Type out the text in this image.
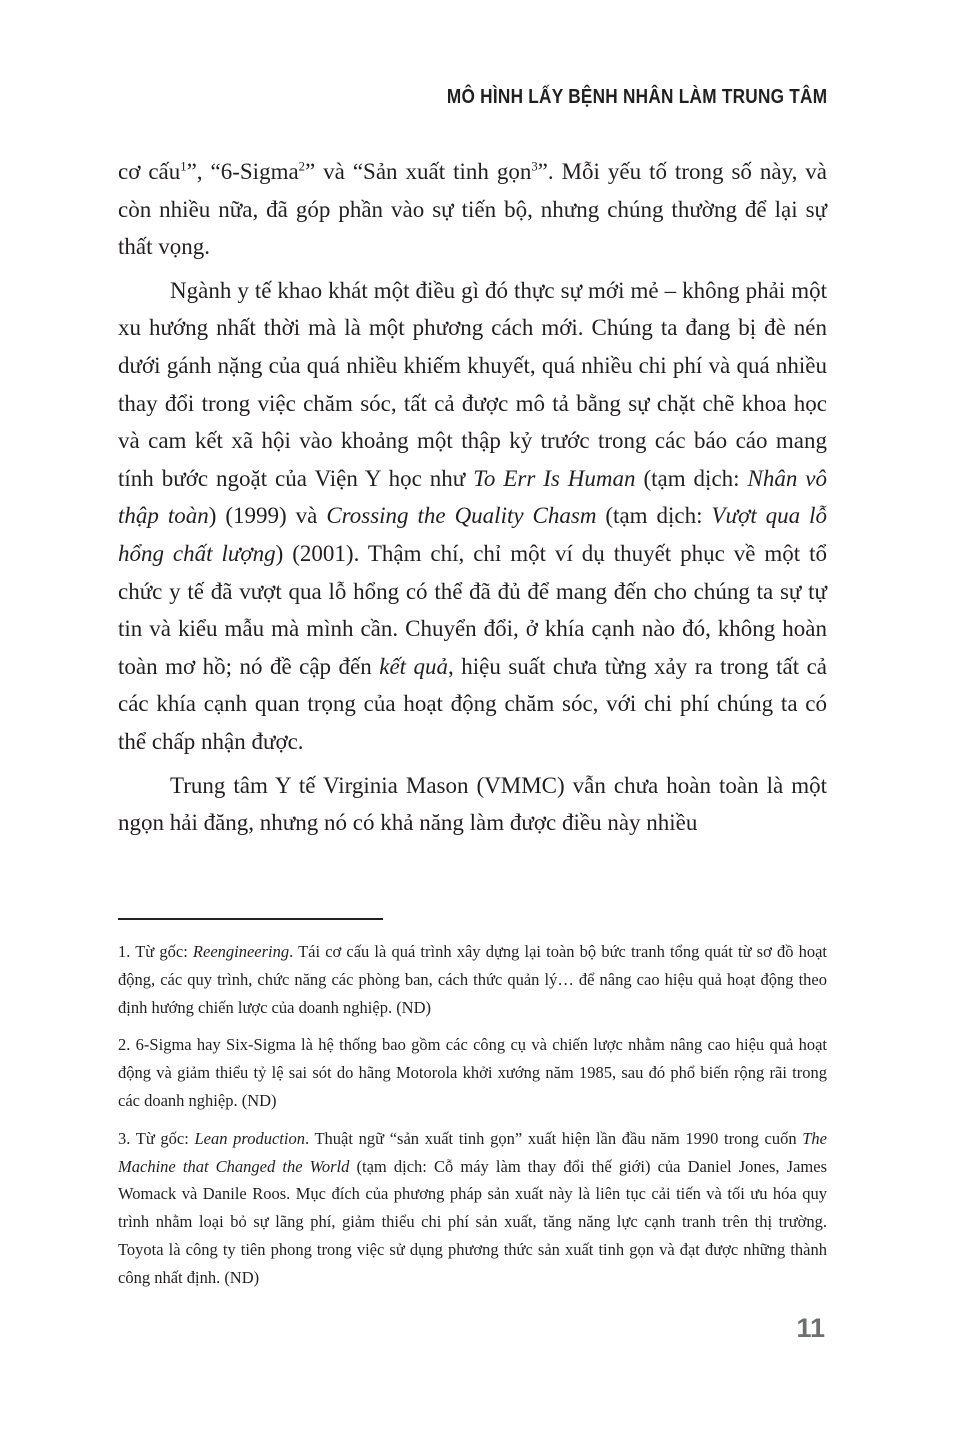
MÔ HÌNH LẤY BỆNH NHÂN LÀM TRUNG TÂM

cơ cấu$^1$”, “6-Sigma$^2$” và “Sản xuất tinh gọn$^3$”. Mỗi yếu tố trong số này, và còn nhiều nữa, đã góp phần vào sự tiến bộ, nhưng chúng thường để lại sự thất vọng.

Ngành y tế khao khát một điều gì đó thực sự mới mẻ – không phải một xu hướng nhất thời mà là một phương cách mới. Chúng ta đang bị đè nén dưới gánh nặng của quá nhiều khiếm khuyết, quá nhiều chi phí và quá nhiều thay đổi trong việc chăm sóc, tất cả được mô tả bằng sự chặt chẽ khoa học và cam kết xã hội vào khoảng một thập kỷ trước trong các báo cáo mang tính bước ngoặt của Viện Y học như To Err Is Human (tạm dịch: Nhân vô thập toàn) (1999) và Crossing the Quality Chasm (tạm dịch: Vượt qua lỗ hổng chất lượng) (2001). Thậm chí, chỉ một ví dụ thuyết phục về một tổ chức y tế đã vượt qua lỗ hổng có thể đã đủ để mang đến cho chúng ta sự tự tin và kiểu mẫu mà mình cần. Chuyển đổi, ở khía cạnh nào đó, không hoàn toàn mơ hồ; nó đề cập đến kết quả, hiệu suất chưa từng xảy ra trong tất cả các khía cạnh quan trọng của hoạt động chăm sóc, với chi phí chúng ta có thể chấp nhận được.

Trung tâm Y tế Virginia Mason (VMMC) vẫn chưa hoàn toàn là một ngọn hải đăng, nhưng nó có khả năng làm được điều này nhiều

1. Từ gốc: Reengineering. Tái cơ cấu là quá trình xây dựng lại toàn bộ bức tranh tổng quát từ sơ đồ hoạt động, các quy trình, chức năng các phòng ban, cách thức quản lý… để nâng cao hiệu quả hoạt động theo định hướng chiến lược của doanh nghiệp. (ND)

2. 6-Sigma hay Six-Sigma là hệ thống bao gồm các công cụ và chiến lược nhằm nâng cao hiệu quả hoạt động và giảm thiểu tỷ lệ sai sót do hãng Motorola khởi xướng năm 1985, sau đó phổ biến rộng rãi trong các doanh nghiệp. (ND)

3. Từ gốc: Lean production. Thuật ngữ “sản xuất tinh gọn” xuất hiện lần đầu năm 1990 trong cuốn The Machine that Changed the World (tạm dịch: Cỗ máy làm thay đổi thế giới) của Daniel Jones, James Womack và Danile Roos. Mục đích của phương pháp sản xuất này là liên tục cải tiến và tối ưu hóa quy trình nhằm loại bỏ sự lãng phí, giảm thiểu chi phí sản xuất, tăng năng lực cạnh tranh trên thị trường. Toyota là công ty tiên phong trong việc sử dụng phương thức sản xuất tinh gọn và đạt được những thành công nhất định. (ND)

11
